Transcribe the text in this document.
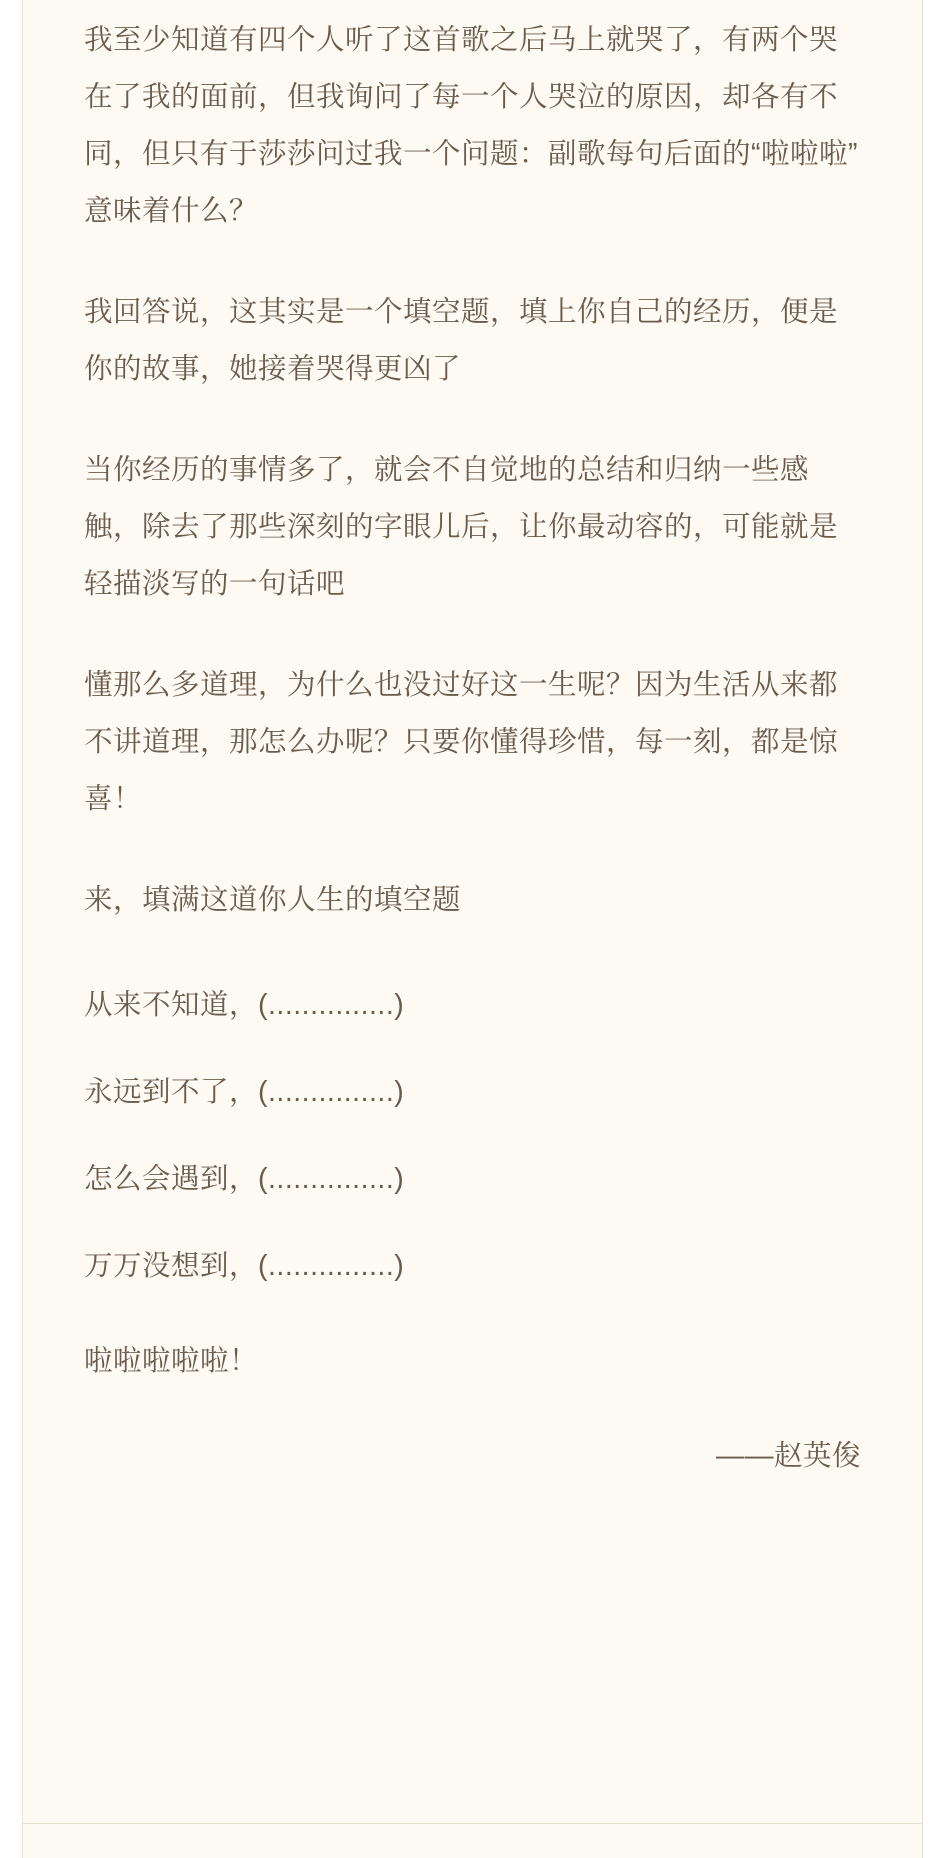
我至少知道有四个人听了这首歌之后马上就哭了，有两个哭在了我的面前，但我询问了每一个人哭泣的原因，却各有不同，但只有于莎莎问过我一个问题：副歌每句后面的“啦啦啦”意味着什么？

我回答说，这其实是一个填空题，填上你自己的经历，便是你的故事，她接着哭得更凶了

当你经历的事情多了，就会不自觉地的总结和归纳一些感触，除去了那些深刻的字眼儿后，让你最动容的，可能就是轻描淡写的一句话吧

懂那么多道理，为什么也没过好这一生呢？因为生活从来都不讲道理，那怎么办呢？只要你懂得珍惜，每一刻，都是惊喜！

来，填满这道你人生的填空题

从来不知道，(...............)

永远到不了，(...............)

怎么会遇到，(...............)

万万没想到，(...............)

啦啦啦啦啦！

——赵英俊
